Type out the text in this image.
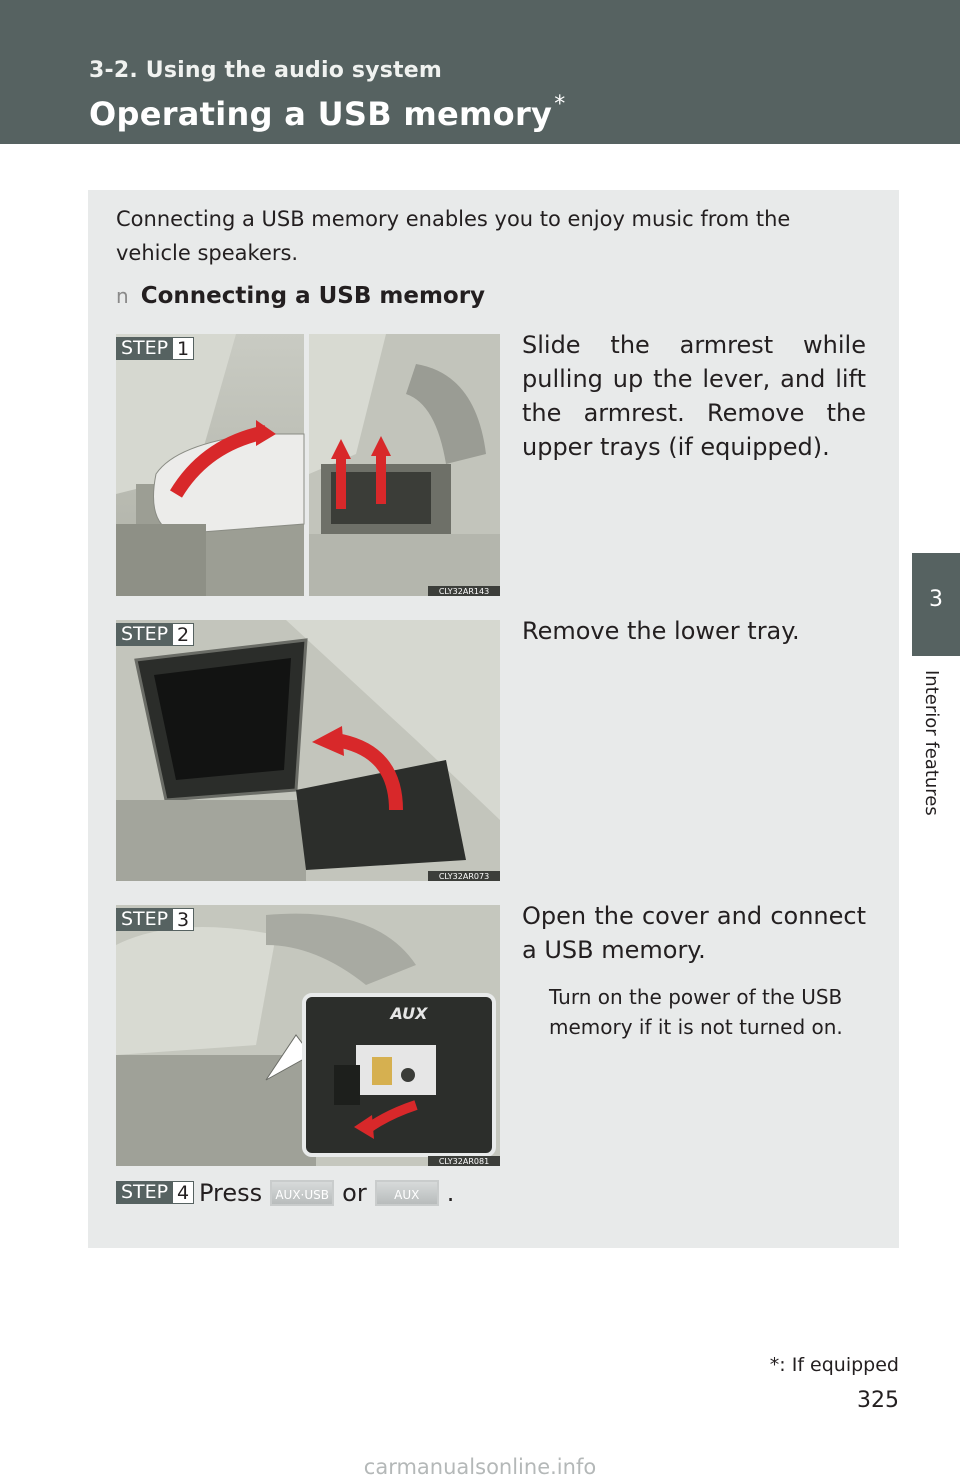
3-2. Using the audio system
Operating a USB memory*
3
Interior features
Connecting a USB memory enables you to enjoy music from the vehicle speakers.
n Connecting a USB memory
CLY32AR143
STEP 1	Slide the armrest while pulling up the lever, and lift the armrest. Remove the upper trays (if equipped).
CLY32AR073
STEP 2	Remove the lower tray.
AUX
CLY32AR081
STEP 3	Open the cover and connect a USB memory.
Turn on the power of the USB memory if it is not turned on.
STEP 4 Press	AUX·USB or	AUX	.
*: If equipped
325
carmanualsonline.info
